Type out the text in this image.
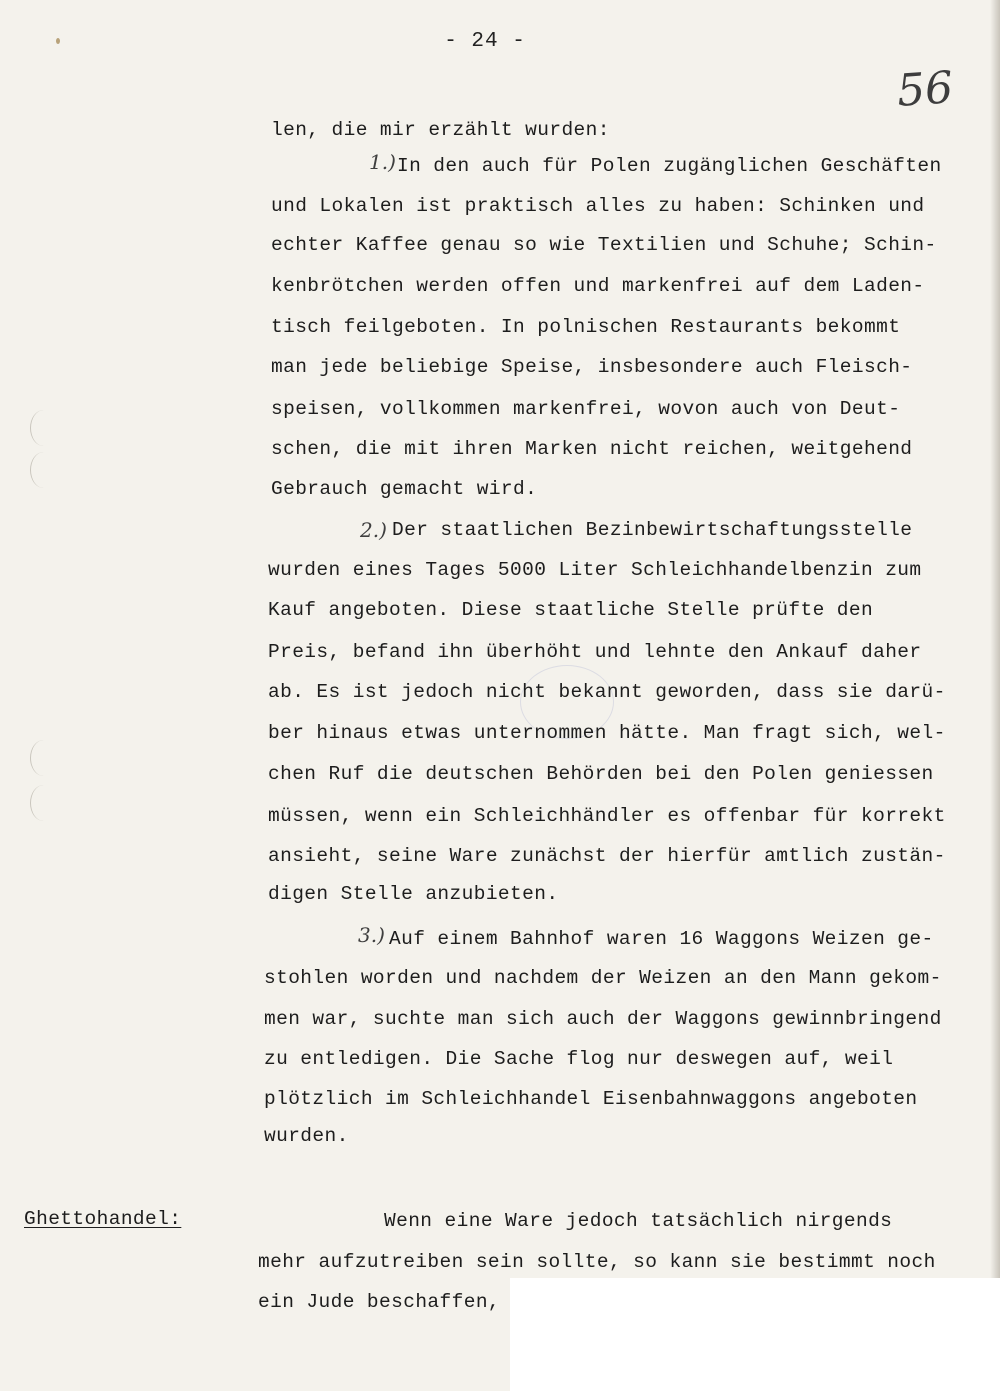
- 24 -
56
1.)
2.)
3.)
len, die mir erzählt wurden:
In den auch für Polen zugänglichen Geschäften
und Lokalen ist praktisch alles zu haben: Schinken und
echter Kaffee genau so wie Textilien und Schuhe; Schin-
kenbrötchen werden offen und markenfrei auf dem Laden-
tisch feilgeboten. In polnischen Restaurants bekommt
man jede beliebige Speise, insbesondere auch Fleisch-
speisen, vollkommen markenfrei, wovon auch von Deut-
schen, die mit ihren Marken nicht reichen, weitgehend
Gebrauch gemacht wird.
Der staatlichen Bezinbewirtschaftungsstelle
wurden eines Tages 5000 Liter Schleichhandelbenzin zum
Kauf angeboten. Diese staatliche Stelle prüfte den
Preis, befand ihn überhöht und lehnte den Ankauf daher
ab. Es ist jedoch nicht bekannt geworden, dass sie darü-
ber hinaus etwas unternommen hätte. Man fragt sich, wel-
chen Ruf die deutschen Behörden bei den Polen geniessen
müssen, wenn ein Schleichhändler es offenbar für korrekt
ansieht, seine Ware zunächst der hierfür amtlich zustän-
digen Stelle anzubieten.
Auf einem Bahnhof waren 16 Waggons Weizen ge-
stohlen worden und nachdem der Weizen an den Mann gekom-
men war, suchte man sich auch der Waggons gewinnbringend
zu entledigen. Die Sache flog nur deswegen auf, weil
plötzlich im Schleichhandel Eisenbahnwaggons angeboten
wurden.
Ghettohandel:	Wenn eine Ware jedoch tatsächlich nirgends
mehr aufzutreiben sein sollte, so kann sie bestimmt noch
ein Jude beschaffen,
